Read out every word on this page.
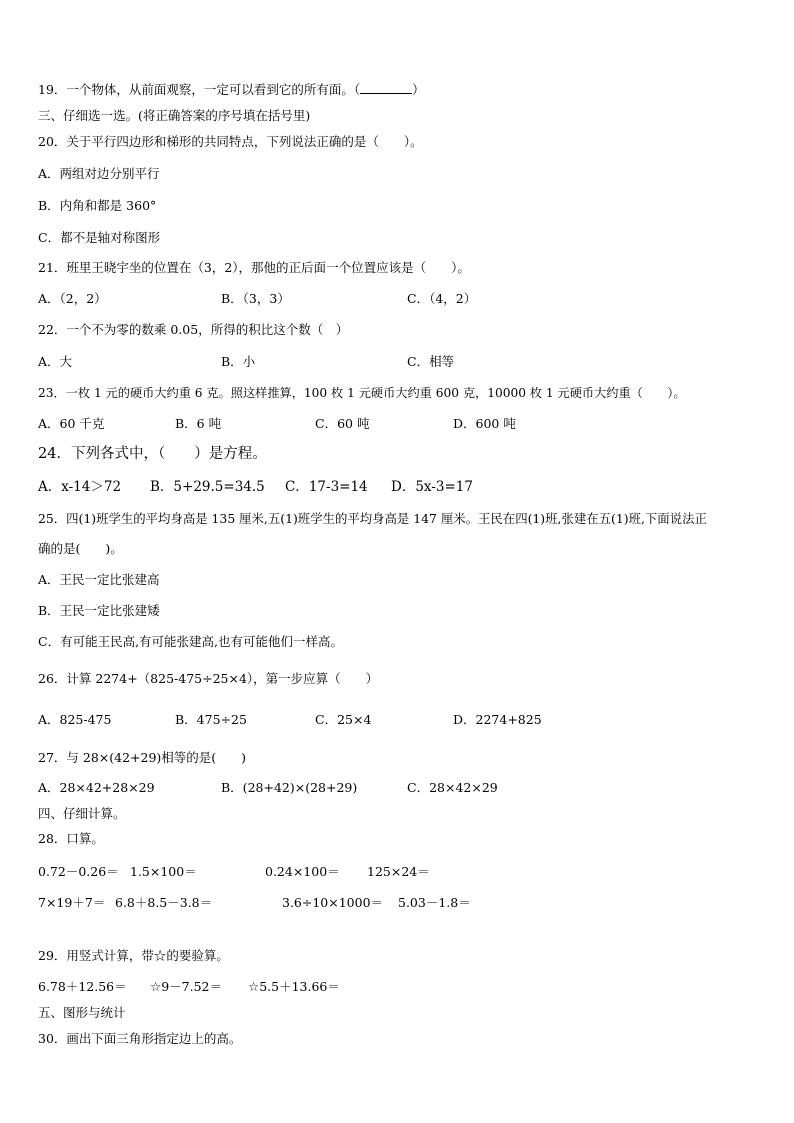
19．一个物体，从前面观察，一定可以看到它的所有面。（	）
三、仔细选一选。(将正确答案的序号填在括号里)
20．关于平行四边形和梯形的共同特点，下列说法正确的是（　　）。
A．两组对边分别平行
B．内角和都是 360°
C．都不是轴对称图形
21．班里王晓宇坐的位置在（3，2），那他的正后面一个位置应该是（　　）。
A．（2，2）	B．（3，3）	C．（4，2）
22．一个不为零的数乘 0.05，所得的积比这个数（　）
A．大	B．小	C．相等
23．一枚 1 元的硬币大约重 6 克。照这样推算，100 枚 1 元硬币大约重 600 克，10000 枚 1 元硬币大约重（　　）。
A．60 千克	B．6 吨	C．60 吨	D．600 吨
24．下列各式中，（　　）是方程。
A．x-14＞72 B．5+29.5=34.5 C．17-3=14 D．5x-3=17
25．四(1)班学生的平均身高是 135 厘米,五(1)班学生的平均身高是 147 厘米。王民在四(1)班,张建在五(1)班,下面说法正
确的是(　　)。
A．王民一定比张建高
B．王民一定比张建矮
C．有可能王民高,有可能张建高,也有可能他们一样高。
26．计算 2274+（825-475÷25×4），第一步应算（　　）
A．825-475	B．475÷25	C．25×4	D．2274+825
27．与 28×(42+29)相等的是(　　)
A．28×42+28×29	B．(28+42)×(28+29)	C．28×42×29
四、仔细计算。
28．口算。
0.72－0.26＝ 1.5×100＝	0.24×100＝ 125×24＝
7×19＋7＝ 6.8＋8.5－3.8＝	3.6÷10×1000＝ 5.03－1.8＝
29．用竖式计算，带☆的要验算。
6.78＋12.56＝ ☆9－7.52＝ ☆5.5＋13.66＝
五、图形与统计
30．画出下面三角形指定边上的高。
